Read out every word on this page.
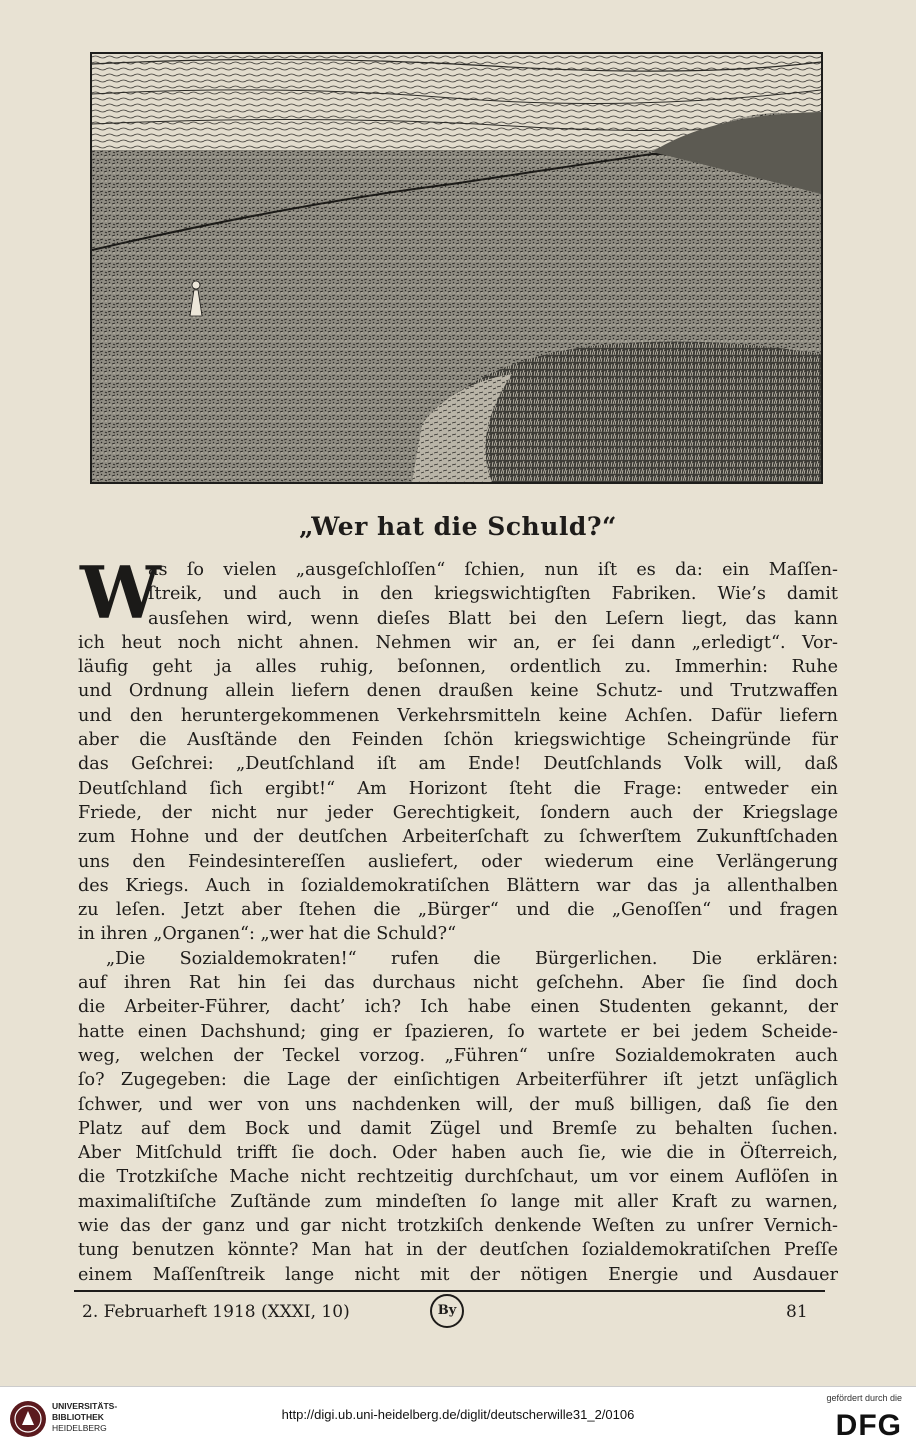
„Wer hat die Schuld?“
W
as ſo vielen „ausgeſchloſſen“ ſchien, nun iſt es da: ein Maſſen-
ſtreik, und auch in den kriegswichtigſten Fabriken. Wie’s damit
ausſehen wird, wenn dieſes Blatt bei den Leſern liegt, das kann
ich heut noch nicht ahnen. Nehmen wir an, er ſei dann „erledigt“. Vor-
läufig geht ja alles ruhig, beſonnen, ordentlich zu. Immerhin: Ruhe
und Ordnung allein liefern denen draußen keine Schutz- und Trutzwaffen
und den heruntergekommenen Verkehrsmitteln keine Achſen. Dafür liefern
aber die Ausſtände den Feinden ſchön kriegswichtige Scheingründe für
das Geſchrei: „Deutſchland iſt am Ende! Deutſchlands Volk will, daß
Deutſchland ſich ergibt!“ Am Horizont ſteht die Frage: entweder ein
Friede, der nicht nur jeder Gerechtigkeit, ſondern auch der Kriegslage
zum Hohne und der deutſchen Arbeiterſchaft zu ſchwerſtem Zukunftſchaden
uns den Feindesintereſſen ausliefert, oder wiederum eine Verlängerung
des Kriegs. Auch in ſozialdemokratiſchen Blättern war das ja allenthalben
zu leſen. Jetzt aber ſtehen die „Bürger“ und die „Genoſſen“ und fragen
in ihren „Organen“: „wer hat die Schuld?“
„Die Sozialdemokraten!“ rufen die Bürgerlichen. Die erklären:
auf ihren Rat hin ſei das durchaus nicht geſchehn. Aber ſie ſind doch
die Arbeiter-Führer, dacht’ ich? Ich habe einen Studenten gekannt, der
hatte einen Dachshund; ging er ſpazieren, ſo wartete er bei jedem Scheide-
weg, welchen der Teckel vorzog. „Führen“ unſre Sozialdemokraten auch
ſo? Zugegeben: die Lage der einſichtigen Arbeiterführer iſt jetzt unſäglich
ſchwer, und wer von uns nachdenken will, der muß billigen, daß ſie den
Platz auf dem Bock und damit Zügel und Bremſe zu behalten ſuchen.
Aber Mitſchuld trifft ſie doch. Oder haben auch ſie, wie die in Öſterreich,
die Trotzkiſche Mache nicht rechtzeitig durchſchaut, um vor einem Auflöſen in
maximaliſtiſche Zuſtände zum mindeſten ſo lange mit aller Kraft zu warnen,
wie das der ganz und gar nicht trotzkiſch denkende Weſten zu unſrer Vernich-
tung benutzen könnte? Man hat in der deutſchen ſozialdemokratiſchen Preſſe
einem Maſſenſtreik lange nicht mit der nötigen Energie und Ausdauer
2. Februarheft 1918 (XXXI, 10)	By	81
UNIVERSITÄTS-
BIBLIOTHEK
HEIDELBERG
http://digi.ub.uni-heidelberg.de/diglit/deutscherwille31_2/0106
gefördert durch die
DFG
